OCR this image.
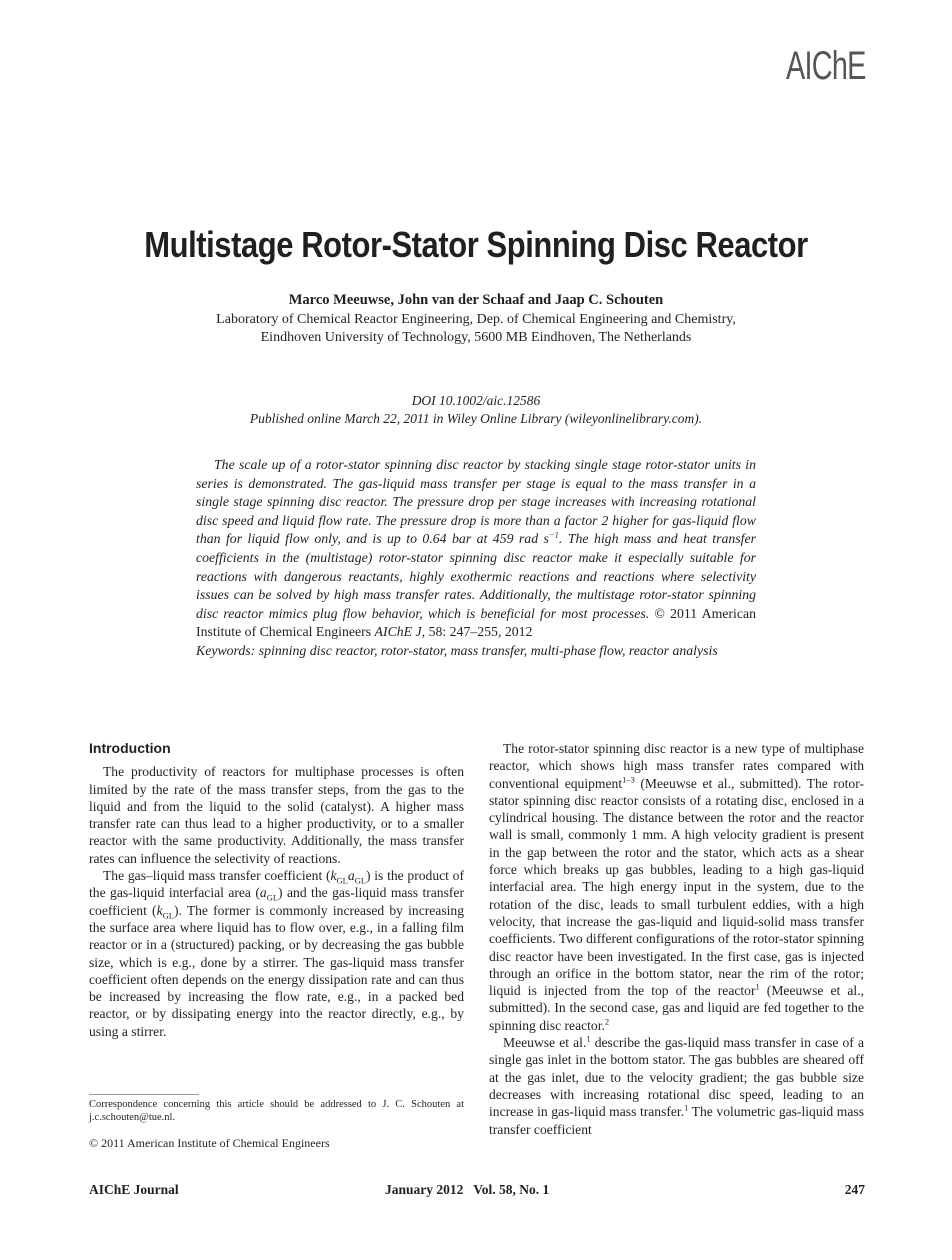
AIChE
Multistage Rotor-Stator Spinning Disc Reactor
Marco Meeuwse, John van der Schaaf and Jaap C. Schouten
Laboratory of Chemical Reactor Engineering, Dep. of Chemical Engineering and Chemistry,
Eindhoven University of Technology, 5600 MB Eindhoven, The Netherlands
DOI 10.1002/aic.12586
Published online March 22, 2011 in Wiley Online Library (wileyonlinelibrary.com).

The scale up of a rotor-stator spinning disc reactor by stacking single stage rotor-stator units in series is demonstrated. The gas-liquid mass transfer per stage is equal to the mass transfer in a single stage spinning disc reactor. The pressure drop per stage increases with increasing rotational disc speed and liquid flow rate. The pressure drop is more than a factor 2 higher for gas-liquid flow than for liquid flow only, and is up to 0.64 bar at 459 rad $s^{-1}$. The high mass and heat transfer coefficients in the (multistage) rotor-stator spinning disc reactor make it especially suitable for reactions with dangerous reactants, highly exothermic reactions and reactions where selectivity issues can be solved by high mass transfer rates. Additionally, the multistage rotor-stator spinning disc reactor mimics plug flow behavior, which is beneficial for most processes. © 2011 American Institute of Chemical Engineers AIChE J, 58: 247–255, 2012

Keywords: spinning disc reactor, rotor-stator, mass transfer, multi-phase flow, reactor analysis

Introduction

The productivity of reactors for multiphase processes is often limited by the rate of the mass transfer steps, from the gas to the liquid and from the liquid to the solid (catalyst). A higher mass transfer rate can thus lead to a higher productivity, or to a smaller reactor with the same productivity. Additionally, the mass transfer rates can influence the selectivity of reactions.

The gas–liquid mass transfer coefficient $(k_{GL}a_{GL})$ is the product of the gas-liquid interfacial area $(a_{GL})$ and the gas-liquid mass transfer coefficient $(k_{GL})$. The former is commonly increased by increasing the surface area where liquid has to flow over, e.g., in a falling film reactor or in a (structured) packing, or by decreasing the gas bubble size, which is e.g., done by a stirrer. The gas-liquid mass transfer coefficient often depends on the energy dissipation rate and can thus be increased by increasing the flow rate, e.g., in a packed bed reactor, or by dissipating energy into the reactor directly, e.g., by using a stirrer.

The rotor-stator spinning disc reactor is a new type of multiphase reactor, which shows high mass transfer rates compared with conventional equipment$^{1-3}$ (Meeuwse et al., submitted). The rotor-stator spinning disc reactor consists of a rotating disc, enclosed in a cylindrical housing. The distance between the rotor and the reactor wall is small, commonly 1 mm. A high velocity gradient is present in the gap between the rotor and the stator, which acts as a shear force which breaks up gas bubbles, leading to a high gas-liquid interfacial area. The high energy input in the system, due to the rotation of the disc, leads to small turbulent eddies, with a high velocity, that increase the gas-liquid and liquid-solid mass transfer coefficients. Two different configurations of the rotor-stator spinning disc reactor have been investigated. In the first case, gas is injected through an orifice in the bottom stator, near the rim of the rotor; liquid is injected from the top of the reactor$^1$ (Meeuwse et al., submitted). In the second case, gas and liquid are fed together to the spinning disc reactor.$^2$

Meeuwse et al.$^1$ describe the gas-liquid mass transfer in case of a single gas inlet in the bottom stator. The gas bubbles are sheared off at the gas inlet, due to the velocity gradient; the gas bubble size decreases with increasing rotational disc speed, leading to an increase in gas-liquid mass transfer.$^1$ The volumetric gas-liquid mass transfer coefficient

Correspondence concerning this article should be addressed to J. C. Schouten at j.c.schouten@tue.nl.
© 2011 American Institute of Chemical Engineers
AIChE Journal	January 2012   Vol. 58, No. 1	247
